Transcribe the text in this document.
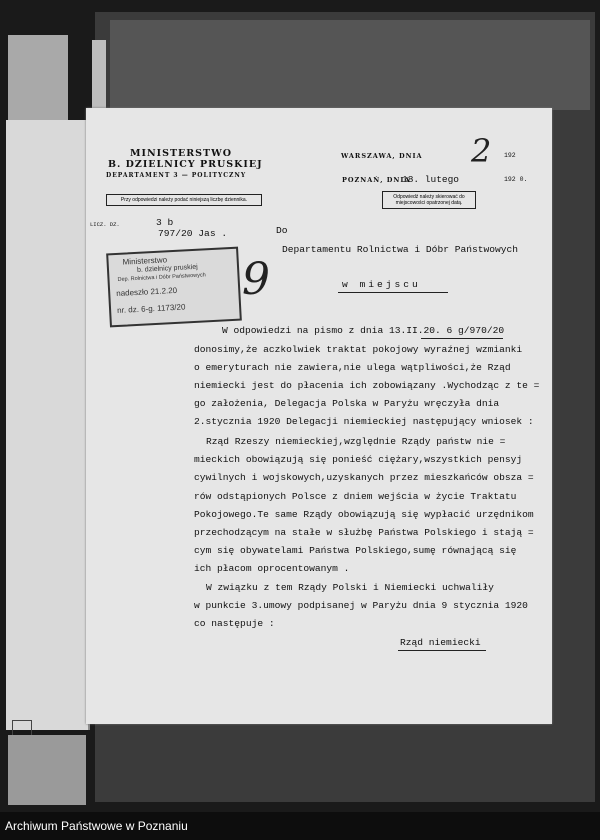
MINISTERSTWO
B. DZIELNICY PRUSKIEJ
DEPARTAMENT 3 — POLITYCZNY
Przy odpowiedzi należy podać niniejszą liczbę dziennika.
WARSZAWA, DNIA	192
2
POZNAŃ, DNIA
18. lutego	192 0.
Odpowiedź należy skierować do miejscowości opatrzonej datą.
LICZ. DZ.	3 b
797/20 Jas .	Do
Departamentu Rolnictwa i Dóbr Państwowych
w miejscu
Ministerstwo
b. dzielnicy pruskiej
Dep. Rolnictwa i Dóbr Państwowych
nadeszło 21.2.20
nr. dz. 6-g. 1173/20
9
W odpowiedzi na pismo z dnia 13.II.20. 6 g/970/20
donosimy,że aczkolwiek traktat pokojowy wyraźnej wzmianki
o emeryturach nie zawiera,nie ulega wątpliwości,że Rząd
niemiecki jest do płacenia ich zobowiązany .Wychodząc z te =
go założenia, Delegacja Polska w Paryżu wręczyła dnia
2.stycznia 1920 Delegacji niemieckiej następujący wniosek :
Rząd Rzeszy niemieckiej,względnie Rządy państw nie =
mieckich obowiązują się ponieść ciężary,wszystkich pensyj
cywilnych i wojskowych,uzyskanych przez mieszkańców obsza =
rów odstąpionych Polsce z dniem wejścia w życie Traktatu
Pokojowego.Te same Rządy obowiązują się wypłacić urzędnikom
przechodzącym na stałe w służbę Państwa Polskiego i stają =
cym się obywatelami Państwa Polskiego,sumę równającą się
ich płacom oprocentowanym .
W związku z tem Rządy Polski i Niemiecki uchwaliły
w punkcie 3.umowy podpisanej w Paryżu dnia 9 stycznia 1920
co następuje :
Rząd niemiecki
Archiwum Państwowe w Poznaniu
